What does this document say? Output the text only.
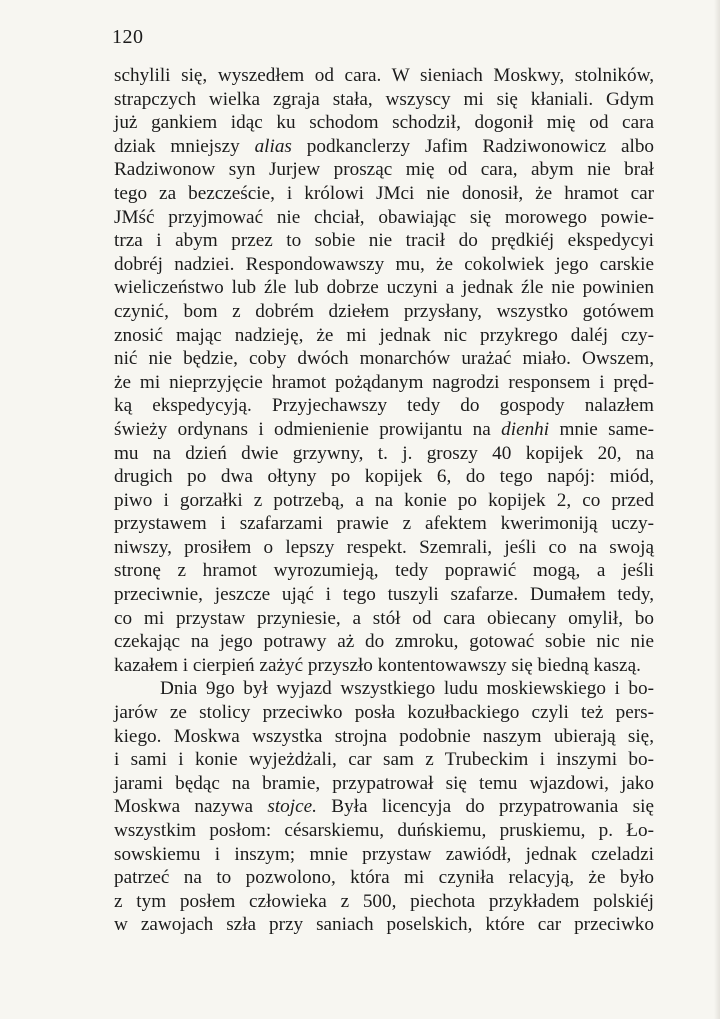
120
schylili się, wyszedłem od cara. W sieniach Moskwy, stolników,
strapczych wielka zgraja stała, wszyscy mi się kłaniali. Gdym
już gankiem idąc ku schodom schodził, dogonił mię od cara
dziak mniejszy alias podkanclerzy Jafim Radziwonowicz albo
Radziwonow syn Jurjew prosząc mię od cara, abym nie brał
tego za bezczeście, i królowi JMci nie donosił, że hramot car
JMść przyjmować nie chciał, obawiając się morowego powie-
trza i abym przez to sobie nie tracił do prędkiéj ekspedycyi
dobréj nadziei. Respondowawszy mu, że cokolwiek jego carskie
wieliczeństwo lub źle lub dobrze uczyni a jednak źle nie powinien
czynić, bom z dobrém dziełem przysłany, wszystko gotówem
znosić mając nadzieję, że mi jednak nic przykrego daléj czy-
nić nie będzie, coby dwóch monarchów urażać miało. Owszem,
że mi nieprzyjęcie hramot pożądanym nagrodzi responsem i pręd-
ką ekspedycyją. Przyjechawszy tedy do gospody nalazłem
świeży ordynans i odmienienie prowijantu na dienhi mnie same-
mu na dzień dwie grzywny, t. j. groszy 40 kopijek 20, na
drugich po dwa ołtyny po kopijek 6, do tego napój: miód,
piwo i gorzałki z potrzebą, a na konie po kopijek 2, co przed
przystawem i szafarzami prawie z afektem kwerimoniją uczy-
niwszy, prosiłem o lepszy respekt. Szemrali, jeśli co na swoją
stronę z hramot wyrozumieją, tedy poprawić mogą, a jeśli
przeciwnie, jeszcze ująć i tego tuszyli szafarze. Dumałem tedy,
co mi przystaw przyniesie, a stół od cara obiecany omylił, bo
czekając na jego potrawy aż do zmroku, gotować sobie nic nie
kazałem i cierpień zażyć przyszło kontentowawszy się biedną kaszą.
Dnia 9go był wyjazd wszystkiego ludu moskiewskiego i bo-
jarów ze stolicy przeciwko posła kozułbackiego czyli też pers-
kiego. Moskwa wszystka strojna podobnie naszym ubierają się,
i sami i konie wyjeżdżali, car sam z Trubeckim i inszymi bo-
jarami będąc na bramie, przypatrował się temu wjazdowi, jako
Moskwa nazywa stojce. Była licencyja do przypatrowania się
wszystkim posłom: césarskiemu, duńskiemu, pruskiemu, p. Ło-
sowskiemu i inszym; mnie przystaw zawiódł, jednak czeladzi
patrzeć na to pozwolono, która mi czyniła relacyją, że było
z tym posłem człowieka z 500, piechota przykładem polskiéj
w zawojach szła przy saniach poselskich, które car przeciwko
